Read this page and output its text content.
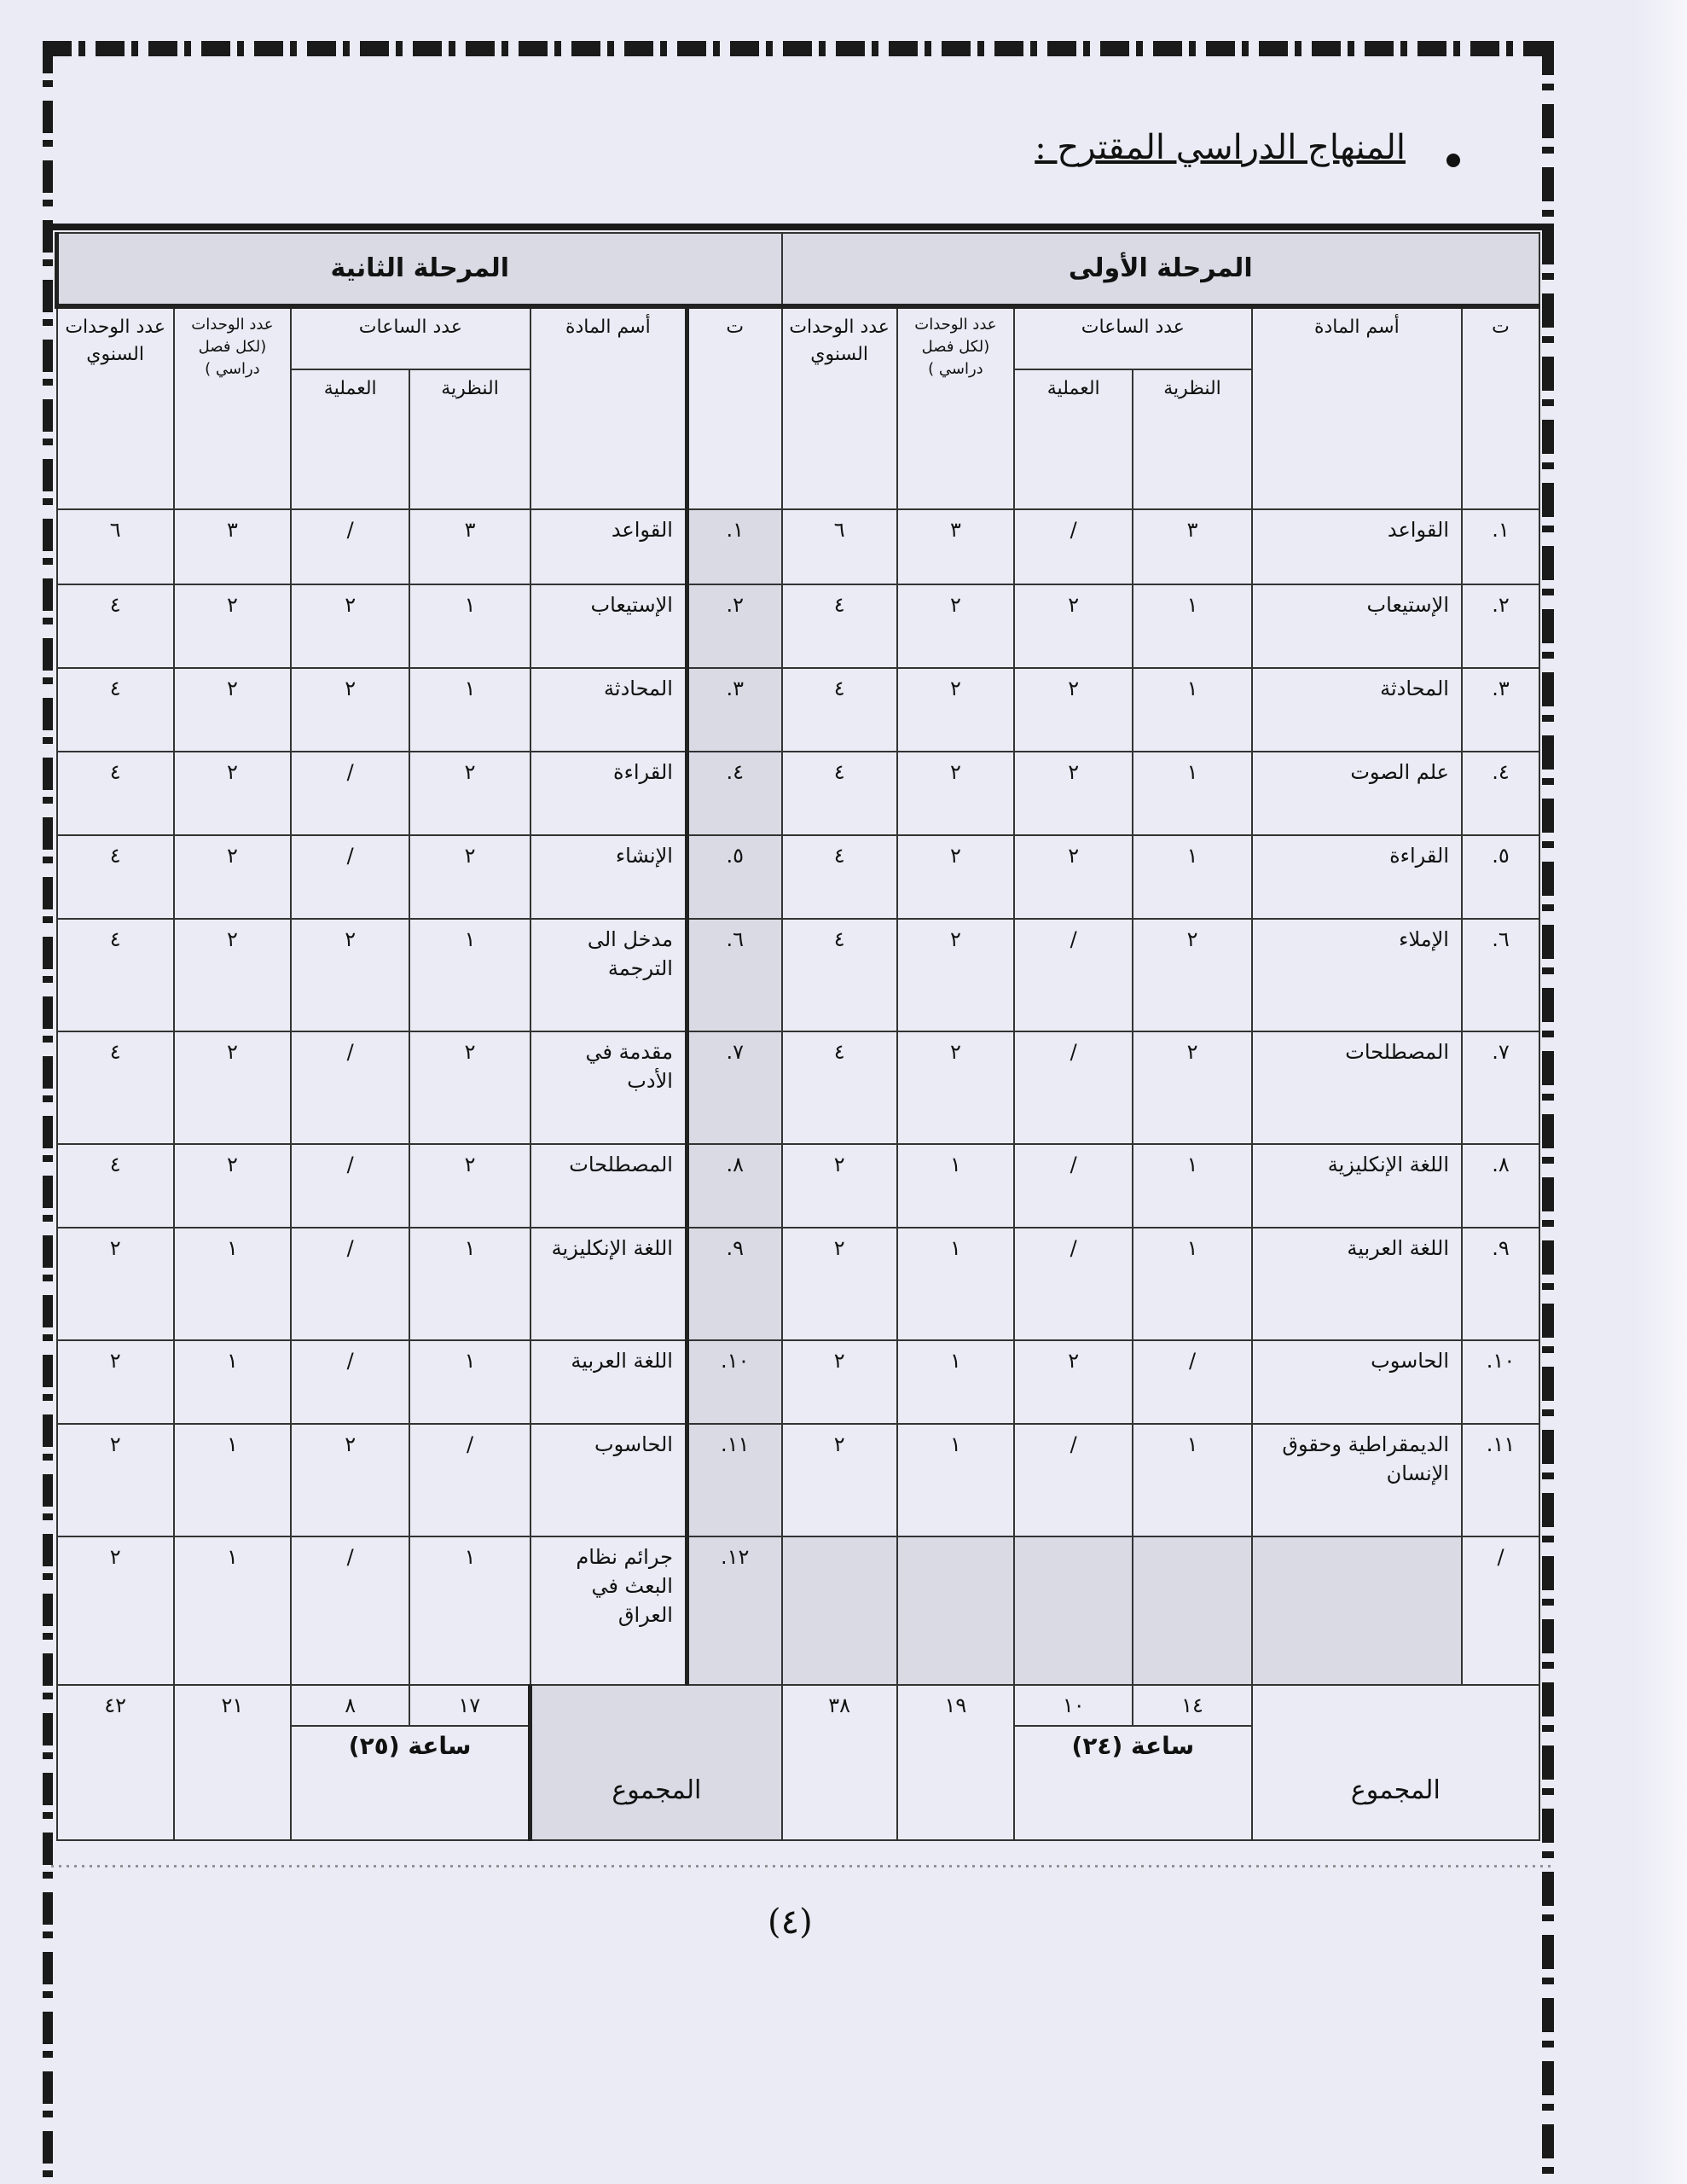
المنهاج الدراسي المقترح :
المرحلة الثانية						المرحلة الأولى					
عدد الوحدات السنوي	عدد الوحدات (لكل فصل دراسي )	عدد الساعات		أسم المادة	ت	عدد الوحدات السنوي	عدد الوحدات (لكل فصل دراسي )	عدد الساعات		أسم المادة	ت
		العملية	النظرية					العملية	النظرية		
٦	٣	/	٣	القواعد	.١	٦	٣	/	٣	القواعد	.١
٤	٢	٢	١	الإستيعاب	.٢	٤	٢	٢	١	الإستيعاب	.٢
٤	٢	٢	١	المحادثة	.٣	٤	٢	٢	١	المحادثة	.٣
٤	٢	/	٢	القراءة	.٤	٤	٢	٢	١	علم الصوت	.٤
٤	٢	/	٢	الإنشاء	.٥	٤	٢	٢	١	القراءة	.٥
٤	٢	٢	١	مدخل الى الترجمة	.٦	٤	٢	/	٢	الإملاء	.٦
٤	٢	/	٢	مقدمة في الأدب	.٧	٤	٢	/	٢	المصطلحات	.٧
٤	٢	/	٢	المصطلحات	.٨	٢	١	/	١	اللغة الإنكليزية	.٨
٢	١	/	١	اللغة الإنكليزية	.٩	٢	١	/	١	اللغة العربية	.٩
٢	١	/	١	اللغة العربية	.١٠	٢	١	٢	/	الحاسوب	.١٠
٢	١	٢	/	الحاسوب	.١١	٢	١	/	١	الديمقراطية وحقوق الإنسان	.١١
٢	١	/	١	جرائم نظام البعث في العراق	.١٢						/
٤٢	٢١	٨	١٧	المجموع		٣٨	١٩	١٠	١٤	المجموع	
		(٢٥) ساعة						(٢٤) ساعة			
(٤)
